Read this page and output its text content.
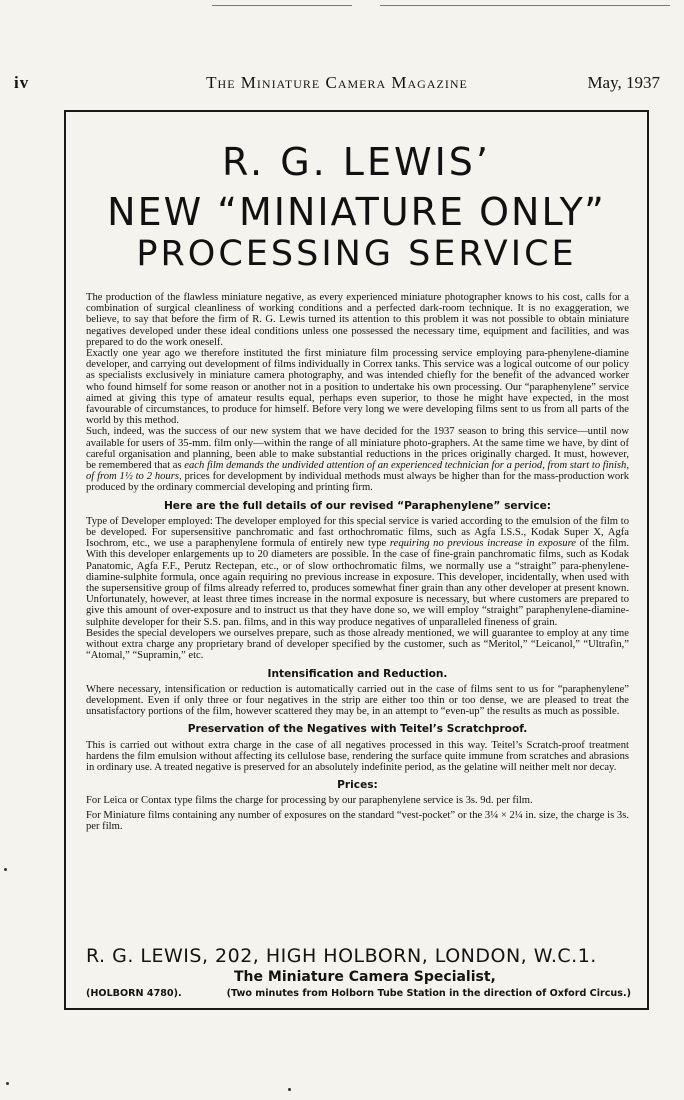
iv	The Miniature Camera Magazine	May, 1937
R. G. LEWIS’
NEW “MINIATURE ONLY”
PROCESSING SERVICE

The production of the flawless miniature negative, as every experienced miniature photographer knows to his cost, calls for a combination of surgical cleanliness of working conditions and a perfected dark-room technique. It is no exaggeration, we believe, to say that before the firm of R. G. Lewis turned its attention to this problem it was not possible to obtain miniature negatives developed under these ideal conditions unless one possessed the necessary time, equipment and facilities, and was prepared to do the work oneself.

Exactly one year ago we therefore instituted the first miniature film processing service employing para-phenylene-diamine developer, and carrying out development of films individually in Correx tanks. This service was a logical outcome of our policy as specialists exclusively in miniature camera photography, and was intended chiefly for the benefit of the advanced worker who found himself for some reason or another not in a position to undertake his own processing. Our “paraphenylene” service aimed at giving this type of amateur results equal, perhaps even superior, to those he might have expected, in the most favourable of circumstances, to produce for himself. Before very long we were developing films sent to us from all parts of the world by this method.

Such, indeed, was the success of our new system that we have decided for the 1937 season to bring this service—until now available for users of 35-mm. film only—within the range of all miniature photo-graphers. At the same time we have, by dint of careful organisation and planning, been able to make substantial reductions in the prices originally charged. It must, however, be remembered that as each film demands the undivided attention of an experienced technician for a period, from start to finish, of from 1½ to 2 hours, prices for development by individual methods must always be higher than for the mass-production work produced by the ordinary commercial developing and printing firm.

Here are the full details of our revised “Paraphenylene” service:

Type of Developer employed: The developer employed for this special service is varied according to the emulsion of the film to be developed. For supersensitive panchromatic and fast orthochromatic films, such as Agfa I.S.S., Kodak Super X, Agfa Isochrom, etc., we use a paraphenylene formula of entirely new type requiring no previous increase in exposure of the film. With this developer enlargements up to 20 diameters are possible. In the case of fine-grain panchromatic films, such as Kodak Panatomic, Agfa F.F., Perutz Rectepan, etc., or of slow orthochromatic films, we normally use a “straight” para-phenylene-diamine-sulphite formula, once again requiring no previous increase in exposure. This developer, incidentally, when used with the supersensitive group of films already referred to, produces somewhat finer grain than any other developer at present known. Unfortunately, however, at least three times increase in the normal exposure is necessary, but where customers are prepared to give this amount of over-exposure and to instruct us that they have done so, we will employ “straight” paraphenylene-diamine-sulphite developer for their S.S. pan. films, and in this way produce negatives of unparalleled fineness of grain.

Besides the special developers we ourselves prepare, such as those already mentioned, we will guarantee to employ at any time without extra charge any proprietary brand of developer specified by the customer, such as “Meritol,” “Leicanol,” “Ultrafin,” “Atomal,” “Supramin,” etc.

Intensification and Reduction.

Where necessary, intensification or reduction is automatically carried out in the case of films sent to us for “paraphenylene” development. Even if only three or four negatives in the strip are either too thin or too dense, we are pleased to treat the unsatisfactory portions of the film, however scattered they may be, in an attempt to “even-up” the results as much as possible.

Preservation of the Negatives with Teitel’s Scratchproof.

This is carried out without extra charge in the case of all negatives processed in this way. Teitel’s Scratch-proof treatment hardens the film emulsion without affecting its cellulose base, rendering the surface quite immune from scratches and abrasions in ordinary use. A treated negative is preserved for an absolutely indefinite period, as the gelatine will neither melt nor decay.

Prices:

For Leica or Contax type films the charge for processing by our paraphenylene service is 3s. 9d. per film.

For Miniature films containing any number of exposures on the standard “vest-pocket” or the 3¼ × 2¼ in. size, the charge is 3s. per film.

R. G. LEWIS, 202, HIGH HOLBORN, LONDON, W.C.1.
The Miniature Camera Specialist,
(HOLBORN 4780).	(Two minutes from Holborn Tube Station in the direction of Oxford Circus.)
